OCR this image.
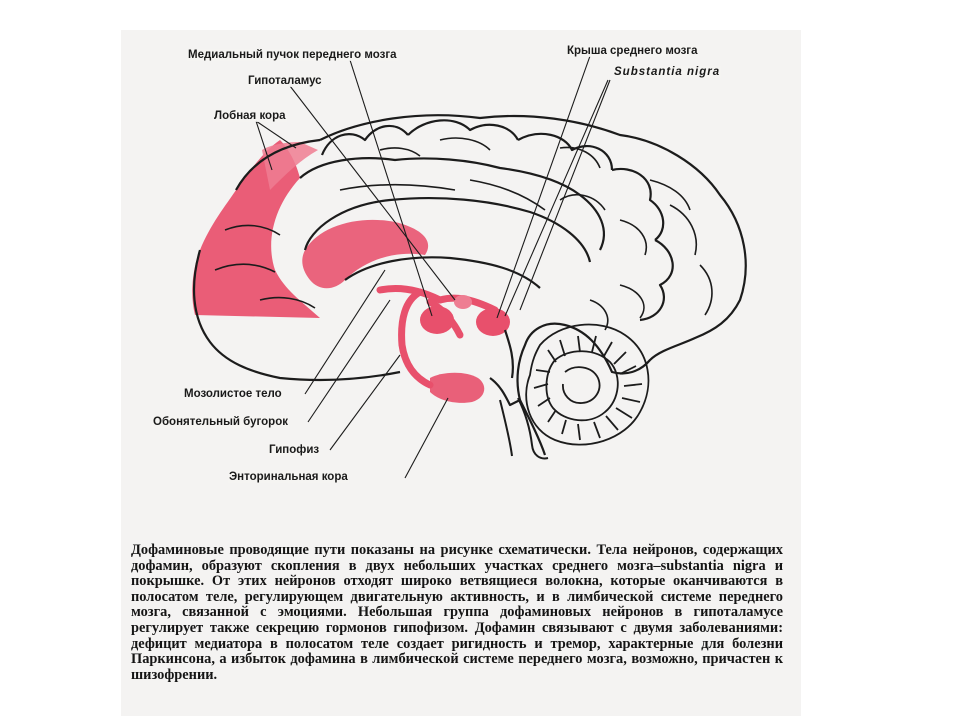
Медиальный пучок переднего мозга
Гипоталамус
Лобная кора
Крыша среднего мозга
Substantia nigra
Мозолистое тело
Обонятельный бугорок
Гипофиз
Энторинальная кора
Дофаминовые проводящие пути показаны на рисунке схематически. Тела нейронов, содержащих дофамин, образуют скопления в двух небольших участках среднего мозга–substantia nigra и покрышке. От этих нейронов отходят широко ветвящиеся волокна, которые оканчиваются в полосатом теле, регулирующем двигательную активность, и в лимбической системе переднего мозга, связанной с эмоциями. Небольшая группа дофаминовых нейронов в гипоталамусе регулирует также секрецию гормонов гипофизом. Дофамин связывают с двумя заболеваниями: дефицит медиатора в полосатом теле создает ригидность и тремор, характерные для болезни Паркинсона, а избыток дофамина в лимбической системе переднего мозга, возможно, причастен к шизофрении.
